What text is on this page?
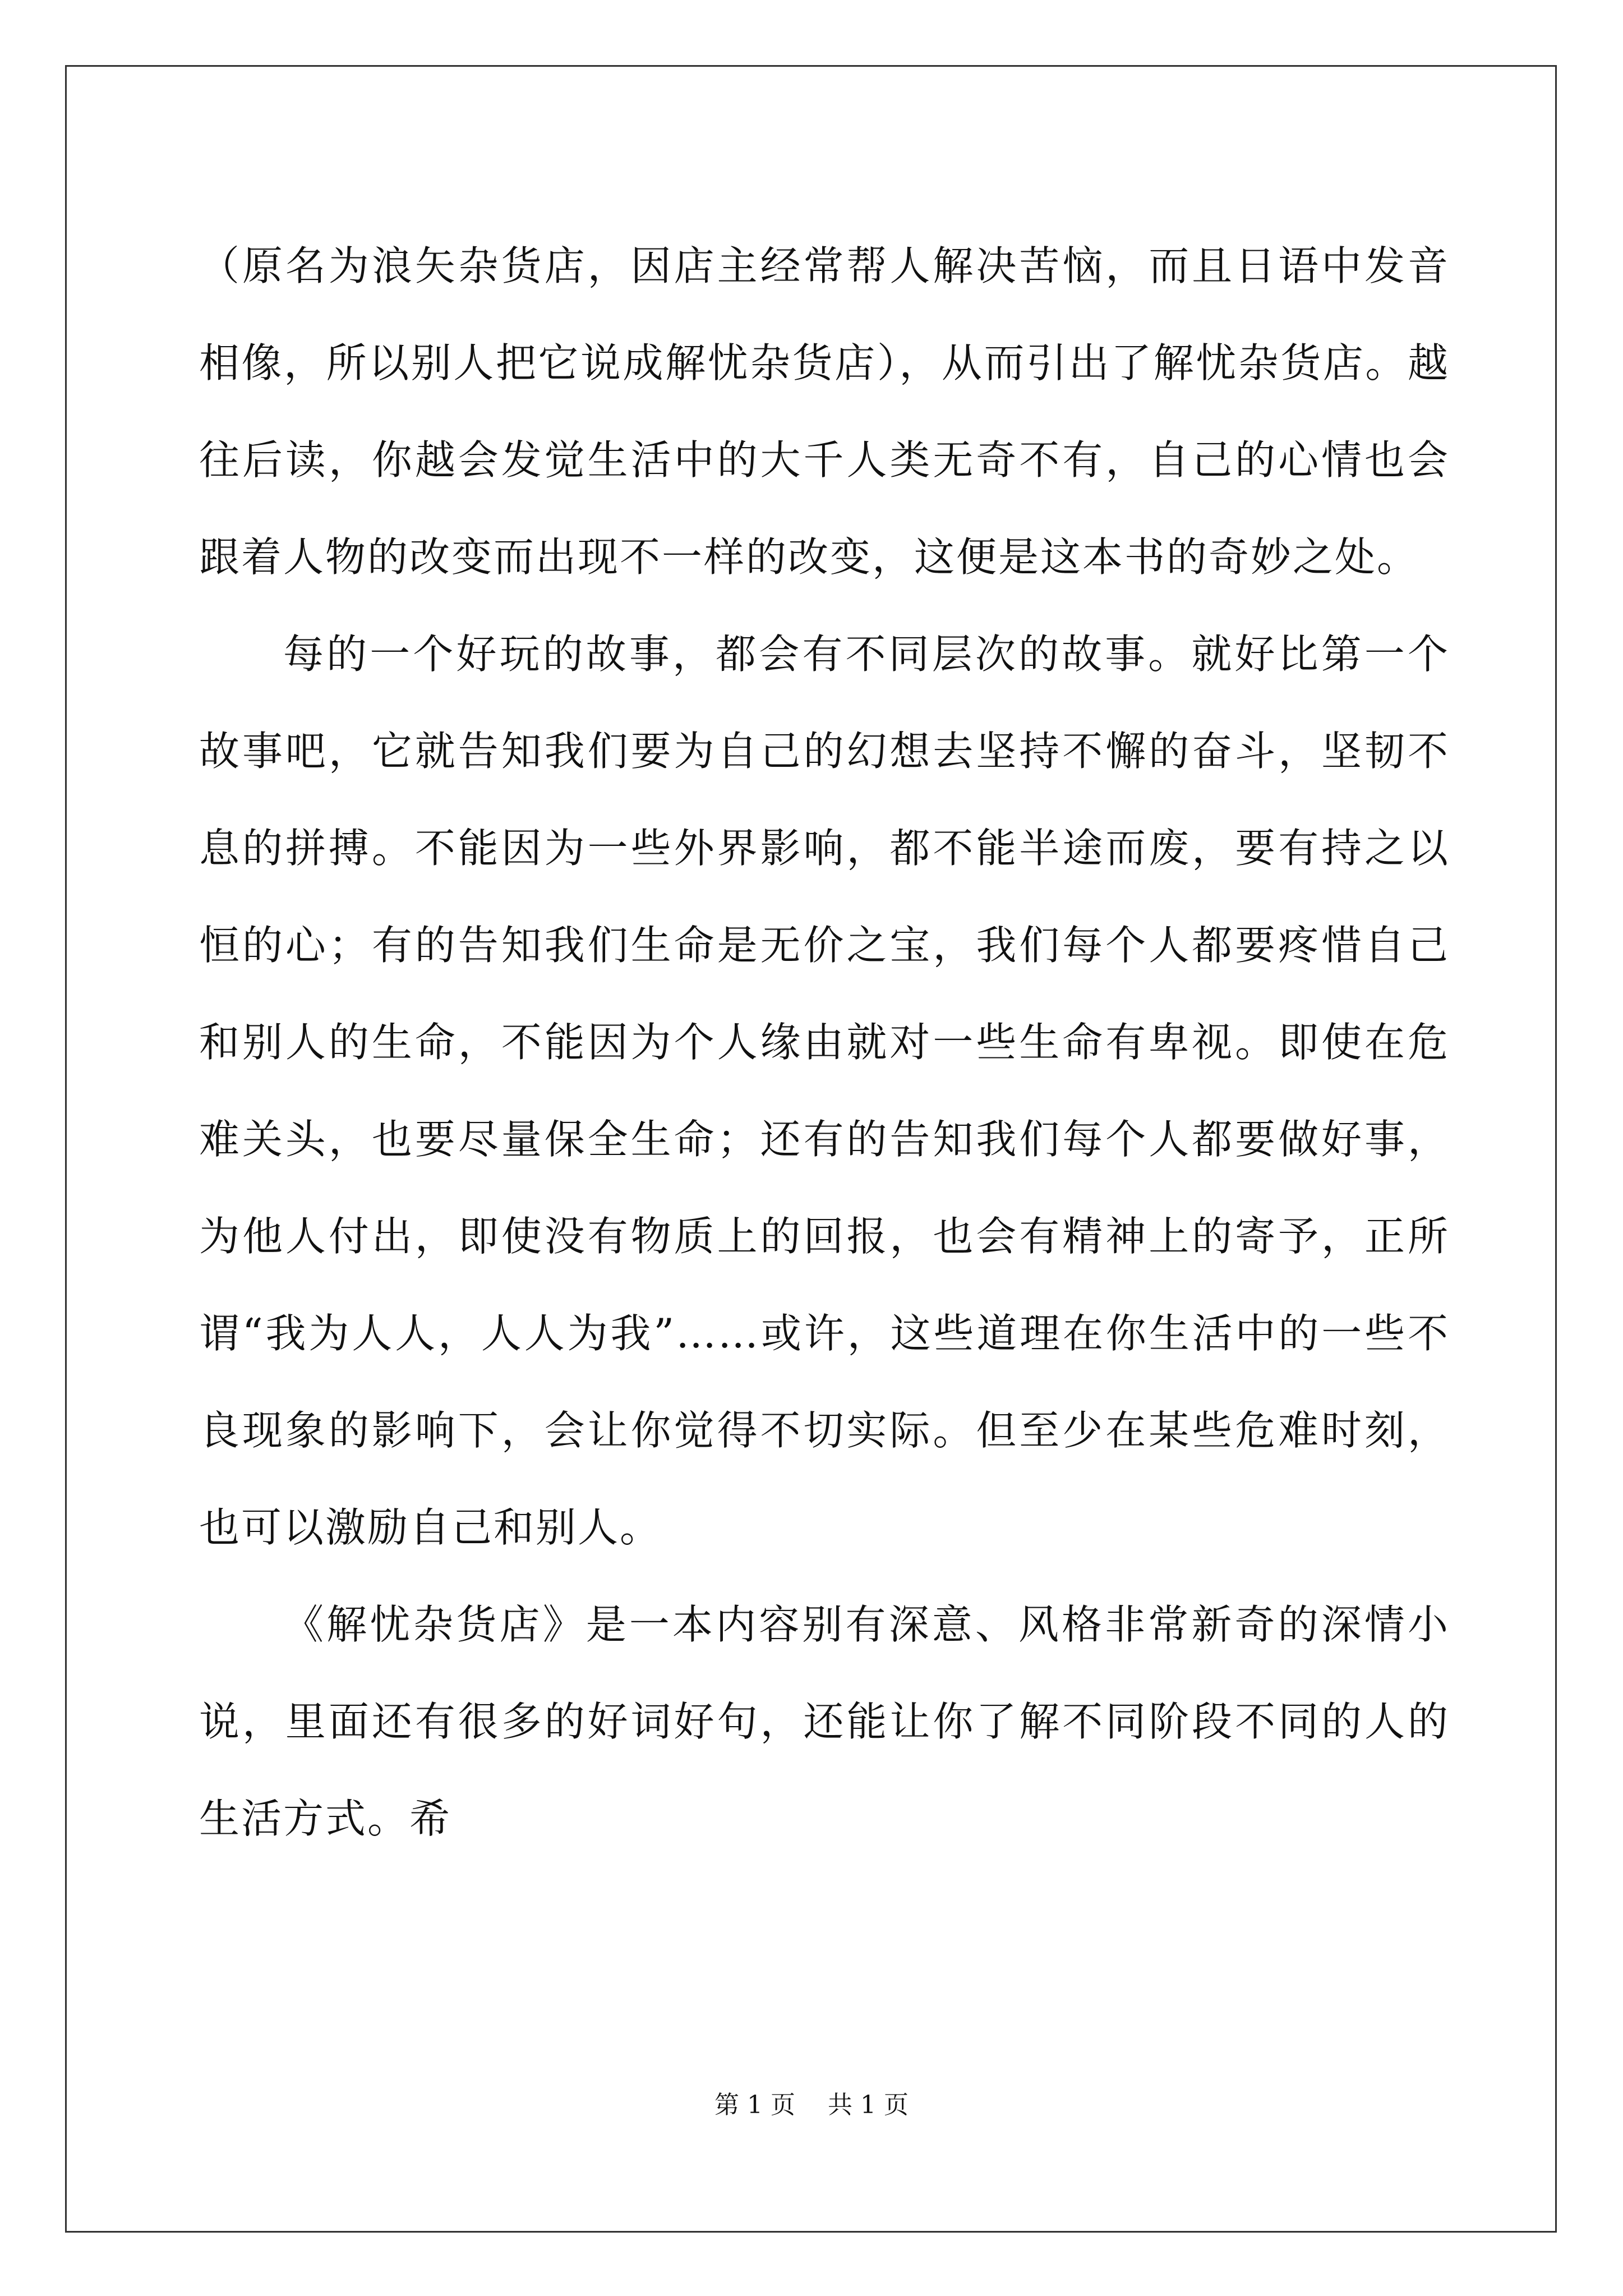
（原名为浪矢杂货店，因店主经常帮人解决苦恼，而且日语中发音相像，所以别人把它说成解忧杂货店），从而引出了解忧杂货店。越往后读，你越会发觉生活中的大千人类无奇不有，自己的心情也会跟着人物的改变而出现不一样的改变，这便是这本书的奇妙之处。

每的一个好玩的故事，都会有不同层次的故事。就好比第一个故事吧，它就告知我们要为自己的幻想去坚持不懈的奋斗，坚韧不息的拼搏。不能因为一些外界影响，都不能半途而废，要有持之以恒的心；有的告知我们生命是无价之宝，我们每个人都要疼惜自己和别人的生命，不能因为个人缘由就对一些生命有卑视。即使在危难关头，也要尽量保全生命；还有的告知我们每个人都要做好事，为他人付出，即使没有物质上的回报，也会有精神上的寄予，正所谓“我为人人，人人为我”……或许，这些道理在你生活中的一些不良现象的影响下，会让你觉得不切实际。但至少在某些危难时刻，也可以激励自己和别人。

《解忧杂货店》是一本内容别有深意、风格非常新奇的深情小说，里面还有很多的好词好句，还能让你了解不同阶段不同的人的生活方式。希

第 1 页 共 1 页
